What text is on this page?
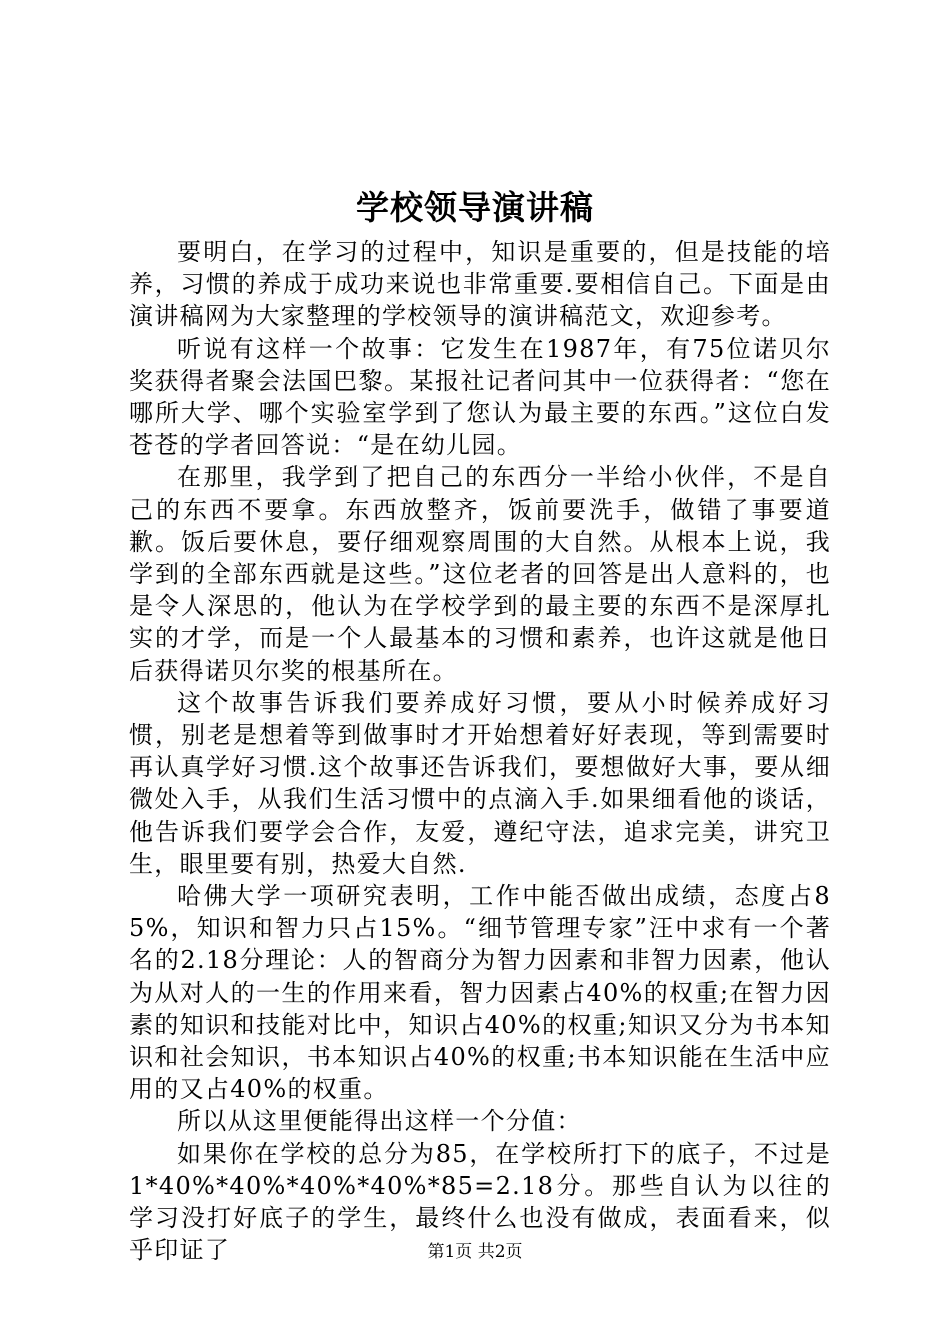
学校领导演讲稿

要明白，在学习的过程中，知识是重要的，但是技能的培养，习惯的养成于成功来说也非常重要.要相信自己。下面是由演讲稿网为大家整理的学校领导的演讲稿范文，欢迎参考。

听说有这样一个故事：它发生在1987年，有75位诺贝尔奖获得者聚会法国巴黎。某报社记者问其中一位获得者：“您在哪所大学、哪个实验室学到了您认为最主要的东西。”这位白发苍苍的学者回答说：“是在幼儿园。

在那里，我学到了把自己的东西分一半给小伙伴，不是自己的东西不要拿。东西放整齐，饭前要洗手，做错了事要道歉。饭后要休息，要仔细观察周围的大自然。从根本上说，我学到的全部东西就是这些。”这位老者的回答是出人意料的，也是令人深思的，他认为在学校学到的最主要的东西不是深厚扎实的才学，而是一个人最基本的习惯和素养，也许这就是他日后获得诺贝尔奖的根基所在。

这个故事告诉我们要养成好习惯，要从小时候养成好习惯，别老是想着等到做事时才开始想着好好表现，等到需要时再认真学好习惯.这个故事还告诉我们，要想做好大事，要从细微处入手，从我们生活习惯中的点滴入手.如果细看他的谈话，他告诉我们要学会合作，友爱，遵纪守法，追求完美，讲究卫生，眼里要有别，热爱大自然.

哈佛大学一项研究表明，工作中能否做出成绩，态度占85%，知识和智力只占15%。“细节管理专家”汪中求有一个著名的2.18分理论：人的智商分为智力因素和非智力因素，他认为从对人的一生的作用来看，智力因素占40%的权重;在智力因素的知识和技能对比中，知识占40%的权重;知识又分为书本知识和社会知识，书本知识占40%的权重;书本知识能在生活中应用的又占40%的权重。

所以从这里便能得出这样一个分值：

如果你在学校的总分为85，在学校所打下的底子，不过是1*40%*40%*40%*40%*85=2.18分。那些自认为以往的学习没打好底子的学生，最终什么也没有做成，表面看来，似乎印证了	第1页 共2页
